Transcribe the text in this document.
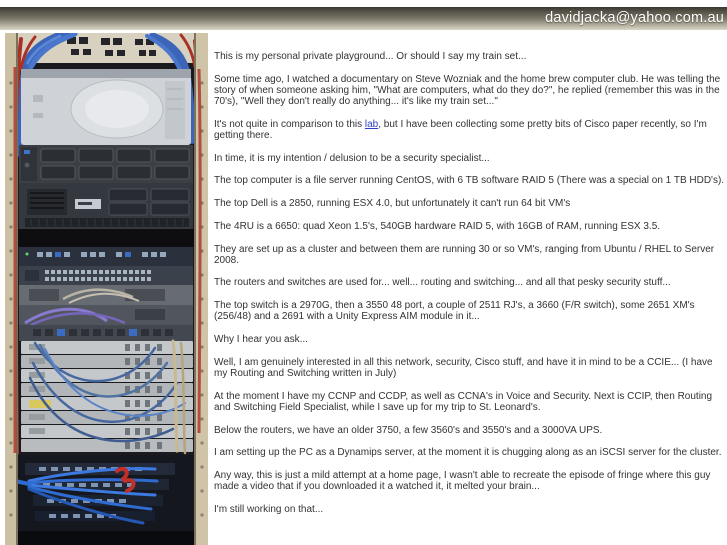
davidjacka@yahoo.com.au

This is my personal private playground... Or should I say my train set...

Some time ago, I watched a documentary on Steve Wozniak and the home brew computer club. He was telling the story of when someone asking him, "What are computers, what do they do?", he replied (remember this was in the 70's), "Well they don't really do anything... it's like my train set..."

It's not quite in comparison to this lab, but I have been collecting some pretty bits of Cisco paper recently, so I'm getting there.

In time, it is my intention / delusion to be a security specialist...

The top computer is a file server running CentOS, with 6 TB software RAID 5 (There was a special on 1 TB HDD's).

The top Dell is a 2850, running ESX 4.0, but unfortunately it can't run 64 bit VM's

The 4RU is a 6650: quad Xeon 1.5's, 540GB hardware RAID 5, with 16GB of RAM, running ESX 3.5.

They are set up as a cluster and between them are running 30 or so VM's, ranging from Ubuntu / RHEL to Server 2008.

The routers and switches are used for... well... routing and switching... and all that pesky security stuff...

The top switch is a 2970G, then a 3550 48 port, a couple of 2511 RJ's, a 3660 (F/R switch), some 2651 XM's (256/48) and a 2691 with a Unity Express AIM module in it...

Why I hear you ask...

Well, I am genuinely interested in all this network, security, Cisco stuff, and have it in mind to be a CCIE... (I have my Routing and Switching written in July)

At the moment I have my CCNP and CCDP, as well as CCNA's in Voice and Security. Next is CCIP, then Routing and Switching Field Specialist, while I save up for my trip to St. Leonard's.

Below the routers, we have an older 3750, a few 3560's and 3550's and a 3000VA UPS.

I am setting up the PC as a Dynamips server, at the moment it is chugging along as an iSCSI server for the cluster.

Any way, this is just a mild attempt at a home page, I wasn't able to recreate the episode of fringe where this guy made a video that if you downloaded it a watched it, it melted your brain...

I'm still working on that...
